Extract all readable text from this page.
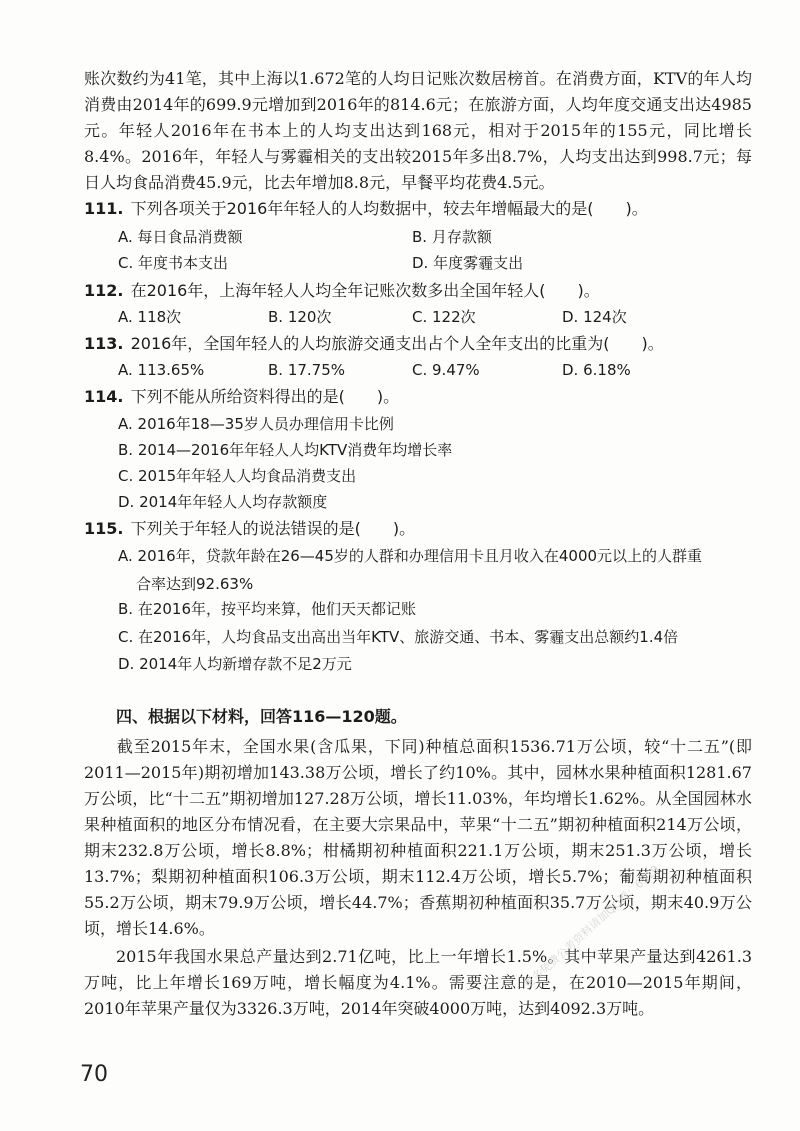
账次数约为41笔，其中上海以1.672笔的人均日记账次数居榜首。在消费方面，KTV的年人均消费由2014年的699.9元增加到2016年的814.6元；在旅游方面，人均年度交通支出达4985元。年轻人2016年在书本上的人均支出达到168元，相对于2015年的155元，同比增长8.4%。2016年，年轻人与雾霾相关的支出较2015年多出8.7%，人均支出达到998.7元；每日人均食品消费45.9元，比去年增加8.8元，早餐平均花费4.5元。

111. 下列各项关于2016年年轻人的人均数据中，较去年增幅最大的是(　　)。

A. 每日食品消费额	B. 月存款额
C. 年度书本支出	D. 年度雾霾支出

112. 在2016年，上海年轻人人均全年记账次数多出全国年轻人(　　)。

A. 118次	B. 120次	C. 122次	D. 124次

113. 2016年，全国年轻人的人均旅游交通支出占个人全年支出的比重为(　　)。

A. 113.65%	B. 17.75%	C. 9.47%	D. 6.18%

114. 下列不能从所给资料得出的是(　　)。

A. 2016年18—35岁人员办理信用卡比例
B. 2014—2016年年轻人人均KTV消费年均增长率
C. 2015年年轻人人均食品消费支出
D. 2014年年轻人人均存款额度

115. 下列关于年轻人的说法错误的是(　　)。

A. 2016年，贷款年龄在26—45岁的人群和办理信用卡且月收入在4000元以上的人群重
合率达到92.63%
B. 在2016年，按平均来算，他们天天都记账
C. 在2016年，人均食品支出高出当年KTV、旅游交通、书本、雾霾支出总额约1.4倍
D. 2014年人均新增存款不足2万元
四、根据以下材料，回答116—120题。

截至2015年末，全国水果(含瓜果，下同)种植总面积1536.71万公顷，较“十二五”(即2011—2015年)期初增加143.38万公顷，增长了约10%。其中，园林水果种植面积1281.67万公顷，比“十二五”期初增加127.28万公顷，增长11.03%，年均增长1.62%。从全国园林水果种植面积的地区分布情况看，在主要大宗果品中，苹果“十二五”期初种植面积214万公顷，期末232.8万公顷，增长8.8%；柑橘期初种植面积221.1万公顷，期末251.3万公顷，增长13.7%；梨期初种植面积106.3万公顷，期末112.4万公顷，增长5.7%；葡萄期初种植面积55.2万公顷，期末79.9万公顷，增长44.7%；香蕉期初种植面积35.7万公顷，期末40.9万公顷，增长14.6%。

2015年我国水果总产量达到2.71亿吨，比上一年增长1.5%。其中苹果产量达到4261.3万吨，比上年增长169万吨，增长幅度为4.1%。需要注意的是，在2010—2015年期间，2010年苹果产量仅为3326.3万吨，2014年突破4000万吨，达到4092.3万吨。

更多免费公考资料请加QQ群：6519
70
